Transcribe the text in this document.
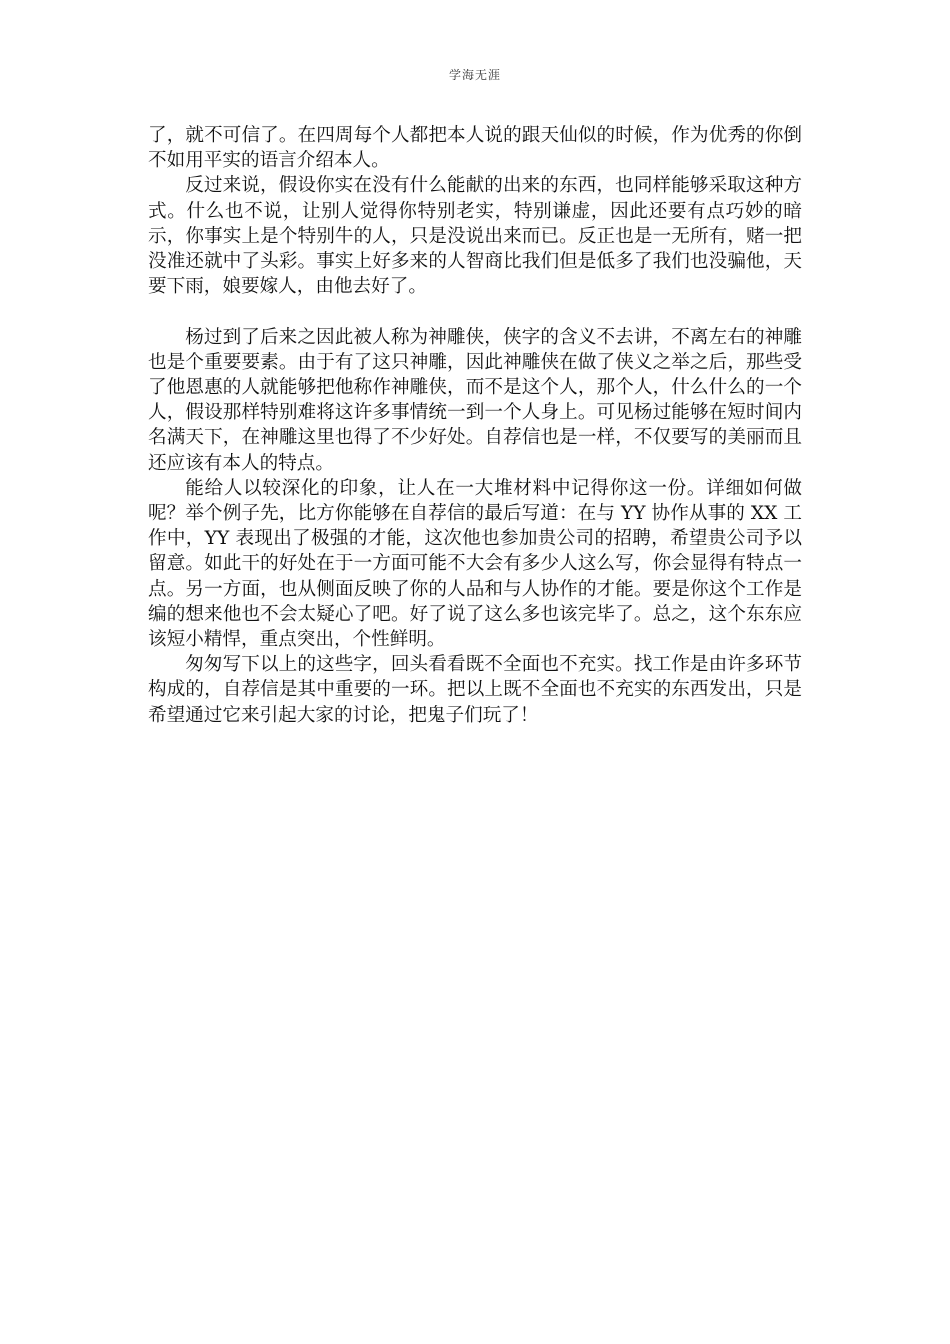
学海无涯

了，就不可信了。在四周每个人都把本人说的跟天仙似的时候，作为优秀的你倒不如用平实的语言介绍本人。

反过来说，假设你实在没有什么能献的出来的东西，也同样能够采取这种方式。什么也不说，让别人觉得你特别老实，特别谦虚，因此还要有点巧妙的暗示，你事实上是个特别牛的人，只是没说出来而已。反正也是一无所有，赌一把没准还就中了头彩。事实上好多来的人智商比我们但是低多了我们也没骗他，天要下雨，娘要嫁人，由他去好了。

杨过到了后来之因此被人称为神雕侠，侠字的含义不去讲，不离左右的神雕也是个重要要素。由于有了这只神雕，因此神雕侠在做了侠义之举之后，那些受了他恩惠的人就能够把他称作神雕侠，而不是这个人，那个人，什么什么的一个人，假设那样特别难将这许多事情统一到一个人身上。可见杨过能够在短时间内名满天下，在神雕这里也得了不少好处。自荐信也是一样，不仅要写的美丽而且还应该有本人的特点。

能给人以较深化的印象，让人在一大堆材料中记得你这一份。详细如何做呢？举个例子先，比方你能够在自荐信的最后写道：在与 YY 协作从事的 XX 工作中，YY 表现出了极强的才能，这次他也参加贵公司的招聘，希望贵公司予以留意。如此干的好处在于一方面可能不大会有多少人这么写，你会显得有特点一点。另一方面，也从侧面反映了你的人品和与人协作的才能。要是你这个工作是编的想来他也不会太疑心了吧。好了说了这么多也该完毕了。总之，这个东东应该短小精悍，重点突出，个性鲜明。

匆匆写下以上的这些字，回头看看既不全面也不充实。找工作是由许多环节构成的，自荐信是其中重要的一环。把以上既不全面也不充实的东西发出，只是希望通过它来引起大家的讨论，把鬼子们玩了！
